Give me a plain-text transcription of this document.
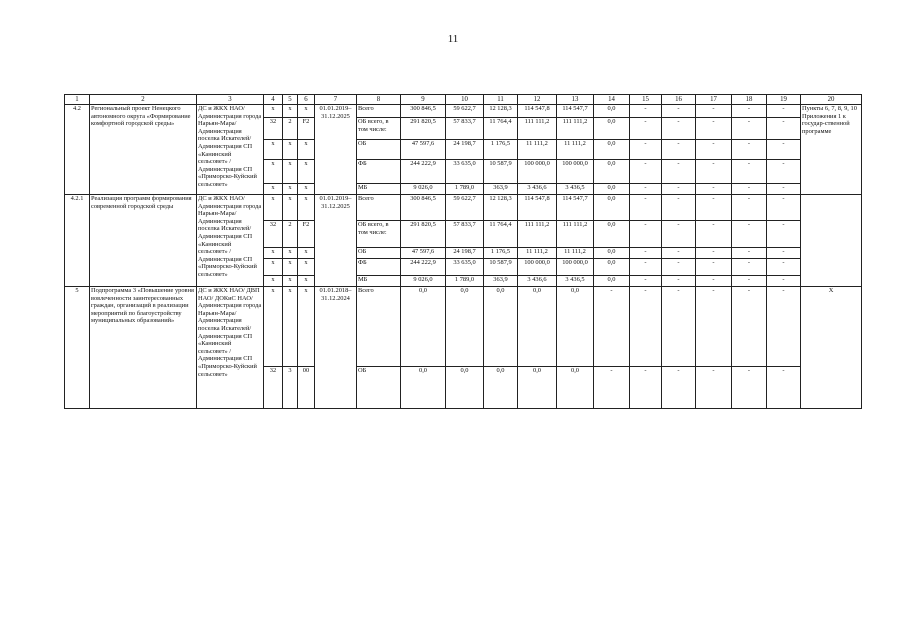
11
1	2	3	4	5	6	7	8	9	10	11	12	13	14	15	16	17	18	19	20
4.2	Региональный проект Ненецкого автономного округа «Формирование комфортной городской среды»	ДС и ЖКХ НАО/ Администрация города Нарьян-Мара/ Администрация поселка Искателей/ Администрация СП «Канинский сельсовет» / Администрация СП «Приморско-Куйский сельсовет»	x	x	x	01.01.2019– 31.12.2025	Всего	300 846,5	59 622,7	12 128,3	114 547,8	114 547,7	0,0	-	-	-	-	-	Пункты 6, 7, 8, 9, 10 Приложения 1 к государ-ственной программе
			32	2	F2		ОБ всего, в том числе:	291 820,5	57 833,7	11 764,4	111 111,2	111 111,2	0,0	-	-	-	-	-	
			x	x	x		ОБ	47 597,6	24 198,7	1 176,5	11 111,2	11 111,2	0,0	-	-	-	-	-	
			x	x	x		ФБ	244 222,9	33 635,0	10 587,9	100 000,0	100 000,0	0,0	-	-	-	-	-	
			x	x	x		МБ	9 026,0	1 789,0	363,9	3 436,6	3 436,5	0,0	-	-	-	-	-	
4.2.1	Реализация программ формирования современной городской среды	ДС и ЖКХ НАО/ Администрация города Нарьян-Мара/ Администрация поселка Искателей/ Администрация СП «Канинский сельсовет» / Администрация СП «Приморско-Куйский сельсовет»	x	x	x	01.01.2019– 31.12.2025	Всего	300 846,5	59 622,7	12 128,3	114 547,8	114 547,7	0,0	-	-	-	-	-	
			32	2	F2		ОБ всего, в том числе:	291 820,5	57 833,7	11 764,4	111 111,2	111 111,2	0,0	-	-	-	-	-	
			x	x	x		ОБ	47 597,6	24 198,7	1 176,5	11 111,2	11 111,2	0,0	-	-	-	-	-	
			x	x	x		ФБ	244 222,9	33 635,0	10 587,9	100 000,0	100 000,0	0,0	-	-	-	-	-	
			x	x	x		МБ	9 026,0	1 789,0	363,9	3 436,6	3 436,5	0,0	-	-	-	-	-	
5	Подпрограмма 3 «Повышение уровня вовлеченности заинтересованных граждан, организаций в реализации мероприятий по благоустройству муниципальных образований»	ДС и ЖКХ НАО/ ДВП НАО/ ДОКиС НАО/ Администрация города Нарьян-Мара/ Администрация поселка Искателей/ Администрация СП «Канинский сельсовет» / Администрация СП «Приморско-Куйский сельсовет»	x	x	x	01.01.2018– 31.12.2024	Всего	0,0	0,0	0,0	0,0	0,0	-	-	-	-	-	-	Х
			32	3	00		ОБ	0,0	0,0	0,0	0,0	0,0	-	-	-	-	-	-	
